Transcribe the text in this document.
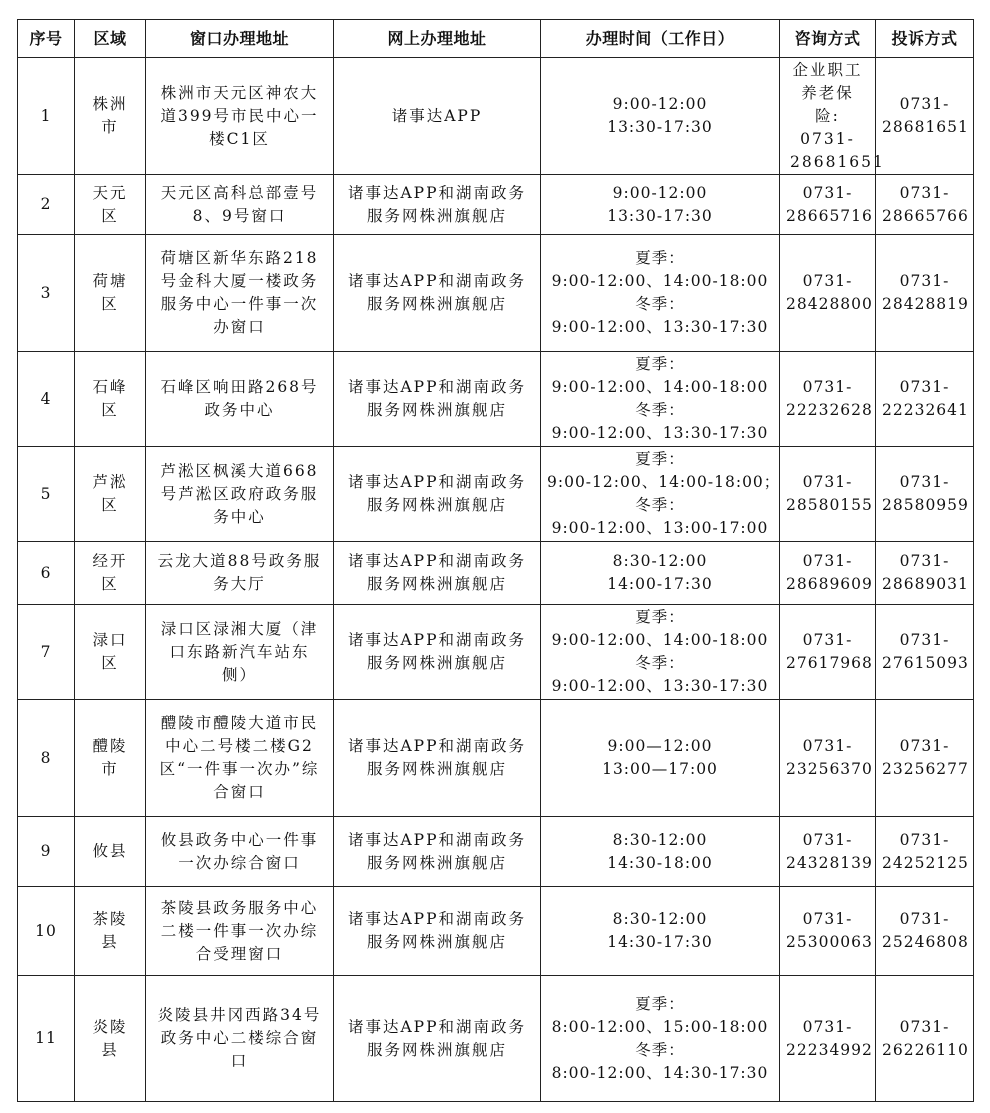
序号	区域	窗口办理地址	网上办理地址	办理时间（工作日）	咨询方式	投诉方式
1	株洲市	株洲市天元区神农大道399号市民中心一楼C1区	诸事达APP	9:00-12:00
13:30-17:30	企业职工养老保险: 0731-28681651	0731-28681651
2	天元区	天元区高科总部壹号8、9号窗口	诸事达APP和湖南政务服务网株洲旗舰店	9:00-12:00
13:30-17:30	0731-28665716	0731-28665766
3	荷塘区	荷塘区新华东路218号金科大厦一楼政务服务中心一件事一次办窗口	诸事达APP和湖南政务服务网株洲旗舰店	夏季：
9:00-12:00、14:00-18:00
冬季：
9:00-12:00、13:30-17:30	0731-28428800	0731-28428819
4	石峰区	石峰区响田路268号政务中心	诸事达APP和湖南政务服务网株洲旗舰店	夏季：
9:00-12:00、14:00-18:00
冬季：
9:00-12:00、13:30-17:30	0731-22232628	0731-22232641
5	芦淞区	芦淞区枫溪大道668号芦淞区政府政务服务中心	诸事达APP和湖南政务服务网株洲旗舰店	夏季：
9:00-12:00、14:00-18:00；
冬季：
9:00-12:00、13:00-17:00	0731-28580155	0731-28580959
6	经开区	云龙大道88号政务服务大厅	诸事达APP和湖南政务服务网株洲旗舰店	8:30-12:00
14:00-17:30	0731-28689609	0731-28689031
7	渌口区	渌口区渌湘大厦（津口东路新汽车站东侧）	诸事达APP和湖南政务服务网株洲旗舰店	夏季：
9:00-12:00、14:00-18:00
冬季：
9:00-12:00、13:30-17:30	0731-27617968	0731-27615093
8	醴陵市	醴陵市醴陵大道市民中心二号楼二楼G2区“一件事一次办”综合窗口	诸事达APP和湖南政务服务网株洲旗舰店	9:00—12:00
13:00—17:00	0731-23256370	0731-23256277
9	攸县	攸县政务中心一件事一次办综合窗口	诸事达APP和湖南政务服务网株洲旗舰店	8:30-12:00
14:30-18:00	0731-24328139	0731-24252125
10	茶陵县	茶陵县政务服务中心二楼一件事一次办综合受理窗口	诸事达APP和湖南政务服务网株洲旗舰店	8:30-12:00
14:30-17:30	0731-25300063	0731-25246808
11	炎陵县	炎陵县井冈西路34号政务中心二楼综合窗口	诸事达APP和湖南政务服务网株洲旗舰店	夏季：
8:00-12:00、15:00-18:00
冬季：
8:00-12:00、14:30-17:30	0731-22234992	0731-26226110
